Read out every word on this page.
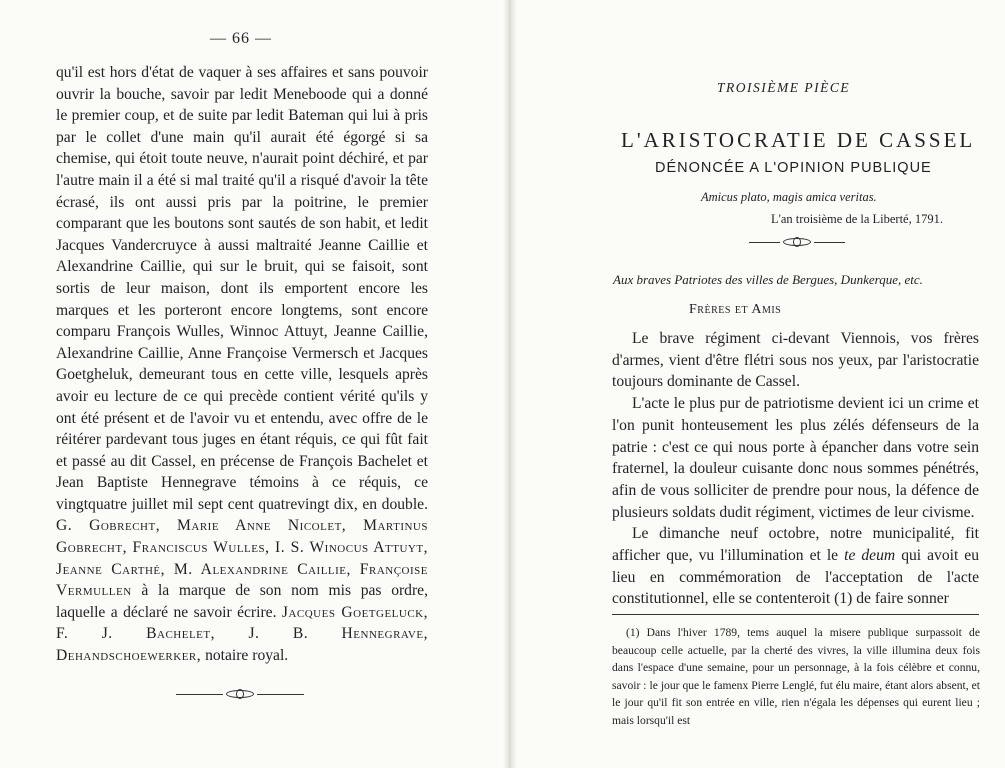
— 66 —

qu'il est hors d'état de vaquer à ses affaires et sans pouvoir ouvrir la bouche, savoir par ledit Meneboode qui a donné le premier coup, et de suite par ledit Bateman qui lui à pris par le collet d'une main qu'il aurait été égorgé si sa chemise, qui étoit toute neuve, n'aurait point déchiré, et par l'autre main il a été si mal traité qu'il a risqué d'avoir la tête écrasé, ils ont aussi pris par la poitrine, le premier comparant que les boutons sont sautés de son habit, et ledit Jacques Vandercruyce à aussi maltraité Jeanne Caillie et Alexandrine Caillie, qui sur le bruit, qui se faisoit, sont sortis de leur maison, dont ils emportent encore les marques et les porteront encore longtems, sont encore comparu François Wulles, Winnoc Attuyt, Jeanne Caillie, Alexandrine Caillie, Anne Françoise Vermersch et Jacques Goetgheluk, demeurant tous en cette ville, lesquels après avoir eu lecture de ce qui precède contient vérité qu'ils y ont été présent et de l'avoir vu et entendu, avec offre de le réitérer pardevant tous juges en étant réquis, ce qui fût fait et passé au dit Cassel, en précense de François Bachelet et Jean Baptiste Hennegrave témoins à ce réquis, ce vingtquatre juillet mil sept cent quatrevingt dix, en double. G. Gobrecht, Marie Anne Nicolet, Martinus Gobrecht, Franciscus Wulles, I. S. Winocus Attuyt, Jeanne Carthé, M. Alexandrine Caillie, Françoise Vermullen à la marque de son nom mis pas ordre, laquelle a déclaré ne savoir écrire. Jacques Goetgeluck, F. J. Bachelet, J. B. Hennegrave, Dehandschoewerker, notaire royal.

TROISIÈME PIÈCE
L'ARISTOCRATIE DE CASSEL
DÉNONCÉE A L'OPINION PUBLIQUE
Amicus plato, magis amica veritas.
L'an troisième de la Liberté, 1791.
Aux braves Patriotes des villes de Bergues, Dunkerque, etc.
Frères et Amis

Le brave régiment ci-devant Viennois, vos frères d'armes, vient d'être flétri sous nos yeux, par l'aristocratie toujours dominante de Cassel.

L'acte le plus pur de patriotisme devient ici un crime et l'on punit honteusement les plus zélés défenseurs de la patrie : c'est ce qui nous porte à épancher dans votre sein fraternel, la douleur cuisante donc nous sommes pénétrés, afin de vous solliciter de prendre pour nous, la défence de plusieurs soldats dudit régiment, victimes de leur civisme.

Le dimanche neuf octobre, notre municipalité, fit afficher que, vu l'illumination et le te deum qui avoit eu lieu en commémoration de l'acceptation de l'acte constitutionnel, elle se contenteroit (1) de faire sonner

(1) Dans l'hiver 1789, tems auquel la misere publique surpassoit de beaucoup celle actuelle, par la cherté des vivres, la ville illumina deux fois dans l'espace d'une semaine, pour un personnage, à la fois célèbre et connu, savoir : le jour que le famenx Pierre Lenglé, fut élu maire, étant alors absent, et le jour qu'il fit son entrée en ville, rien n'égala les dépenses qui eurent lieu ; mais lorsqu'il est
